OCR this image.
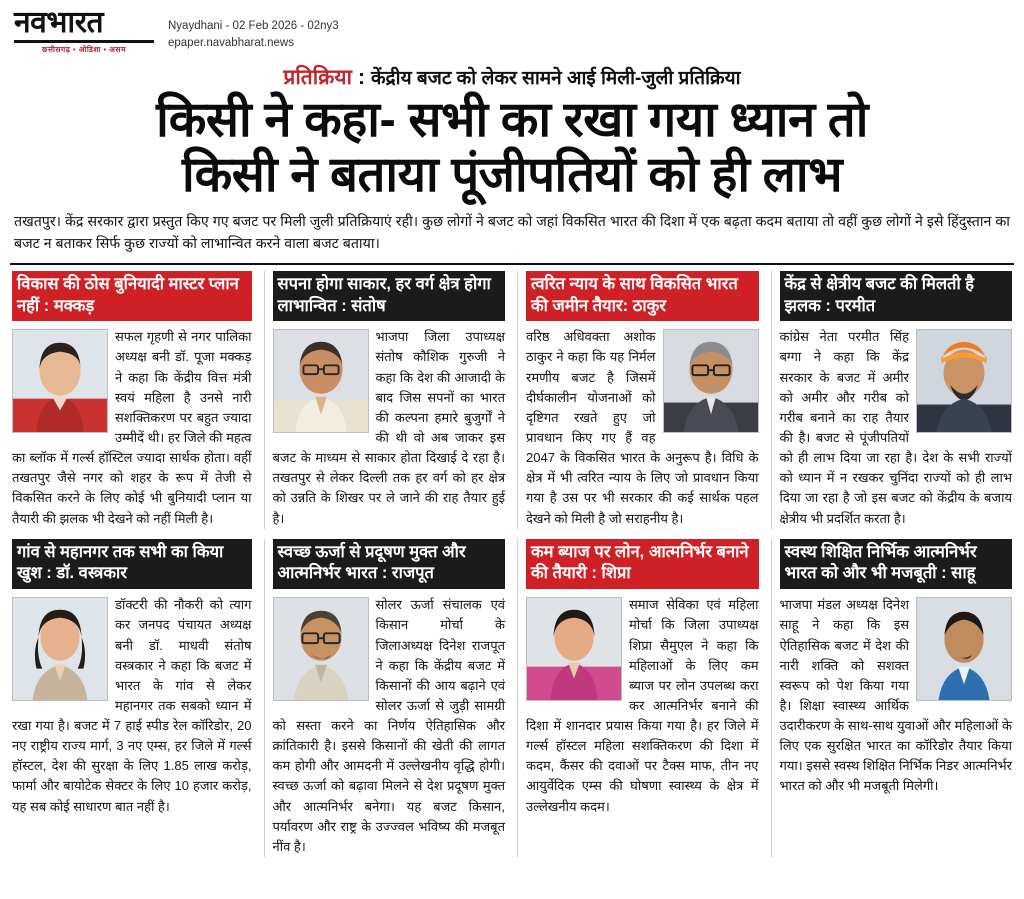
नवभारत
छत्तीसगढ़ • ओडिशा • असम
Nyaydhani - 02 Feb 2026 - 02ny3
epaper.navabharat.news
प्रतिक्रिया : केंद्रीय बजट को लेकर सामने आई मिली-जुली प्रतिक्रिया
किसी ने कहा- सभी का रखा गया ध्यान तो
किसी ने बताया पूंजीपतियों को ही लाभ
तखतपुर। केंद्र सरकार द्वारा प्रस्तुत किए गए बजट पर मिली जुली प्रतिक्रियाएं रही। कुछ लोगों ने बजट को जहां विकसित भारत की दिशा में एक बढ़ता कदम बताया तो वहीं कुछ लोगों ने इसे हिंदुस्तान का बजट न बताकर सिर्फ कुछ राज्यों को लाभान्वित करने वाला बजट बताया।
विकास की ठोस बुनियादी मास्टर प्लान नहीं : मक्कड़
सफल गृहणी से नगर पालिका अध्यक्ष बनी डॉ. पूजा मक्कड़ ने कहा कि केंद्रीय वित्त मंत्री स्वयं महिला है उनसे नारी सशक्तिकरण पर बहुत ज्यादा उम्मीदें थी। हर जिले की महत्व का ब्लॉक में गर्ल्स हॉस्टिल ज्यादा सार्थक होता। वहीं तखतपुर जैसे नगर को शहर के रूप में तेजी से विकसित करने के लिए कोई भी बुनियादी प्लान या तैयारी की झलक भी देखने को नहीं मिली है।
सपना होगा साकार, हर वर्ग क्षेत्र होगा लाभान्वित : संतोष
भाजपा जिला उपाध्यक्ष संतोष कौशिक गुरुजी ने कहा कि देश की आजादी के बाद जिस सपनों का भारत की कल्पना हमारे बुजुर्गों ने की थी वो अब जाकर इस बजट के माध्यम से साकार होता दिखाई दे रहा है। तखतपुर से लेकर दिल्ली तक हर वर्ग को हर क्षेत्र को उन्नति के शिखर पर ले जाने की राह तैयार हुई है।
त्वरित न्याय के साथ विकसित भारत की जमीन तैयार: ठाकुर
वरिष्ठ अधिवक्ता अशोक ठाकुर ने कहा कि यह निर्मल रमणीय बजट है जिसमें दीर्घकालीन योजनाओं को दृष्टिगत रखते हुए जो प्रावधान किए गए हैं वह 2047 के विकसित भारत के अनुरूप है। विधि के क्षेत्र में भी त्वरित न्याय के लिए जो प्रावधान किया गया है उस पर भी सरकार की कई सार्थक पहल देखने को मिली है जो सराहनीय है।
केंद्र से क्षेत्रीय बजट की मिलती है झलक : परमीत
कांग्रेस नेता परमीत सिंह बग्गा ने कहा कि केंद्र सरकार के बजट में अमीर को अमीर और गरीब को गरीब बनाने का राह तैयार की है। बजट से पूंजीपतियों को ही लाभ दिया जा रहा है। देश के सभी राज्यों को ध्यान में न रखकर चुनिंदा राज्यों को ही लाभ दिया जा रहा है जो इस बजट को केंद्रीय के बजाय क्षेत्रीय भी प्रदर्शित करता है।
गांव से महानगर तक सभी का किया खुश : डॉ. वस्त्रकार
डॉक्टरी की नौकरी को त्याग कर जनपद पंचायत अध्यक्ष बनी डॉ. माधवी संतोष वस्त्रकार ने कहा कि बजट में भारत के गांव से लेकर महानगर तक सबको ध्यान में रखा गया है। बजट में 7 हाई स्पीड रेल कॉरिडोर, 20 नए राष्ट्रीय राज्य मार्ग, 3 नए एम्स, हर जिले में गर्ल्स हॉस्टल, देश की सुरक्षा के लिए 1.85 लाख करोड़, फार्मा और बायोटेक सेक्टर के लिए 10 हजार करोड़, यह सब कोई साधारण बात नहीं है।
स्वच्छ ऊर्जा से प्रदूषण मुक्त और आत्मनिर्भर भारत : राजपूत
सोलर ऊर्जा संचालक एवं किसान मोर्चा के जिलाअध्यक्ष दिनेश राजपूत ने कहा कि केंद्रीय बजट में किसानों की आय बढ़ाने एवं सोलर ऊर्जा से जुड़ी सामग्री को सस्ता करने का निर्णय ऐतिहासिक और क्रांतिकारी है। इससे किसानों की खेती की लागत कम होगी और आमदनी में उल्लेखनीय वृद्धि होगी। स्वच्छ ऊर्जा को बढ़ावा मिलने से देश प्रदूषण मुक्त और आत्मनिर्भर बनेगा। यह बजट किसान, पर्यावरण और राष्ट्र के उज्ज्वल भविष्य की मजबूत नींव है।
कम ब्याज पर लोन, आत्मनिर्भर बनाने की तैयारी : शिप्रा
समाज सेविका एवं महिला मोर्चा कि जिला उपाध्यक्ष शिप्रा सैमुएल ने कहा कि महिलाओं के लिए कम ब्याज पर लोन उपलब्ध करा कर आत्मनिर्भर बनाने की दिशा में शानदार प्रयास किया गया है। हर जिले में गर्ल्स हॉस्टल महिला सशक्तिकरण की दिशा में कदम, कैंसर की दवाओं पर टैक्स माफ, तीन नए आयुर्वेदिक एम्स की घोषणा स्वास्थ्य के क्षेत्र में उल्लेखनीय कदम।
स्वस्थ शिक्षित निर्भिक आत्मनिर्भर भारत को और भी मजबूती : साहू
भाजपा मंडल अध्यक्ष दिनेश साहू ने कहा कि इस ऐतिहासिक बजट में देश की नारी शक्ति को सशक्त स्वरूप को पेश किया गया है। शिक्षा स्वास्थ्य आर्थिक उदारीकरण के साथ-साथ युवाओं और महिलाओं के लिए एक सुरक्षित भारत का कॉरिडोर तैयार किया गया। इससे स्वस्थ शिक्षित निर्भिक निडर आत्मनिर्भर भारत को और भी मजबूती मिलेगी।
